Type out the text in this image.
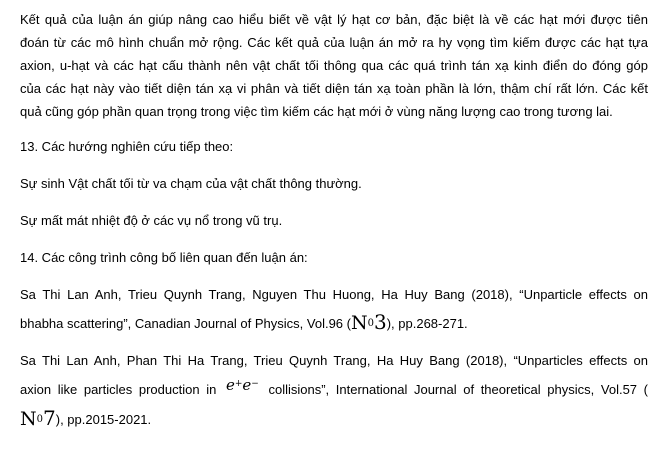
Kết quả của luận án giúp nâng cao hiểu biết về vật lý hạt cơ bản, đặc biệt là về các hạt mới được tiên
đoán từ các mô hình chuẩn mở rộng. Các kết quả của luận án mở ra hy vọng tìm kiếm được các hạt tựa
axion, u-hạt và các hạt cấu thành nên vật chất tối thông qua các quá trình tán xạ kinh điển do đóng góp
của các hạt này vào tiết diện tán xạ vi phân và tiết diện tán xạ toàn phần là lớn, thậm chí rất lớn. Các kết
quả cũng góp phần quan trọng trong việc tìm kiếm các hạt mới ở vùng năng lượng cao trong tương lai.

13. Các hướng nghiên cứu tiếp theo:

Sự sinh Vật chất tối từ va chạm của vật chất thông thường.

Sự mất mát nhiệt độ ở các vụ nổ trong vũ trụ.

14. Các công trình công bố liên quan đến luận án:

Sa Thi Lan Anh, Trieu Quynh Trang, Nguyen Thu Huong, Ha Huy Bang (2018), “Unparticle effects on
bhabha scattering”, Canadian Journal of Physics, Vol.96 $(N^03)$, pp.268-271.
Sa Thi Lan Anh, Phan Thi Ha Trang, Trieu Quynh Trang, Ha Huy Bang (2018), “Unparticles effects on
axion like particles production in e+e− collisions”, International Journal of theoretical physics, Vol.57 (
$N^07$), pp.2015-2021.
